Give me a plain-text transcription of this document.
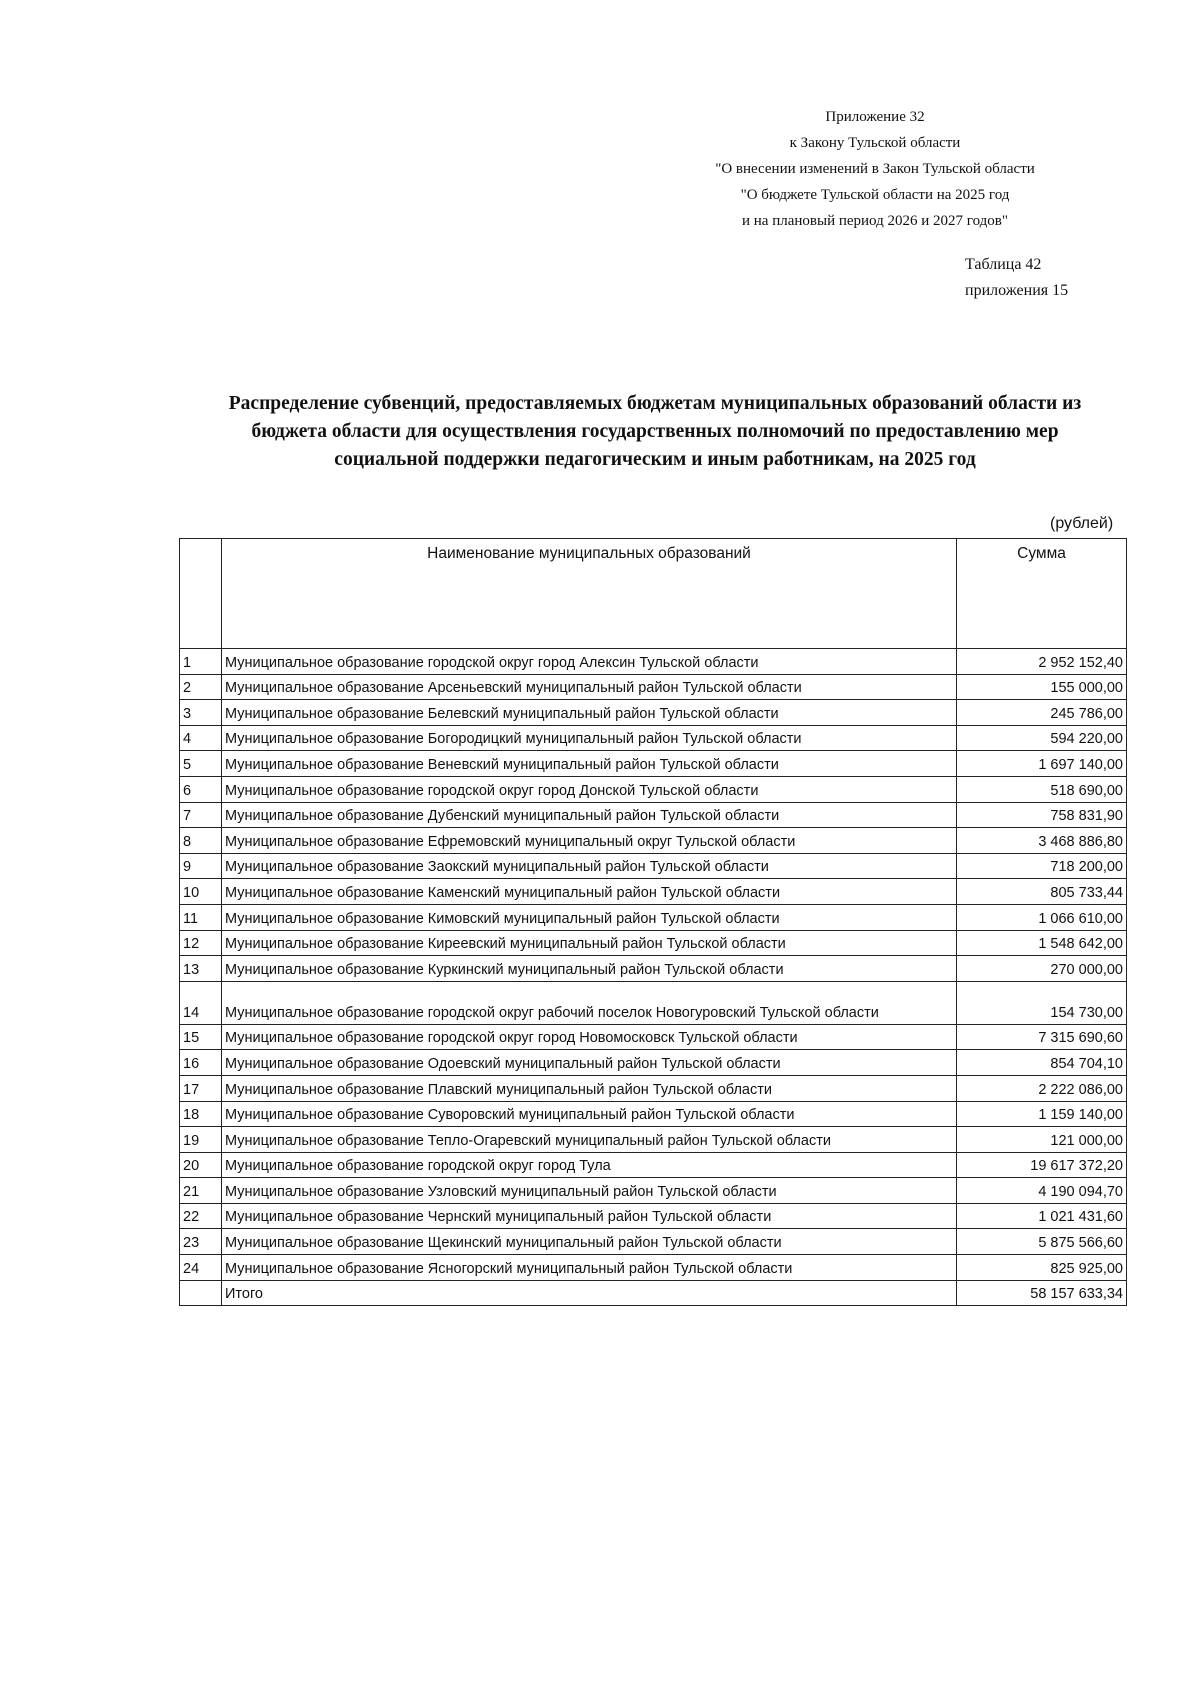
Приложение 32
к Закону Тульской области
"О внесении изменений в Закон Тульской области
"О бюджете Тульской области на 2025 год
и на плановый период 2026 и 2027 годов"
Таблица 42
приложения 15
Распределение субвенций, предоставляемых бюджетам муниципальных образований области из
бюджета области для осуществления государственных полномочий по предоставлению мер
социальной поддержки педагогическим и иным работникам, на 2025 год
(рублей)
	Наименование муниципальных образований	Сумма
1	Муниципальное образование городской округ город Алексин Тульской области	2 952 152,40
2	Муниципальное образование Арсеньевский муниципальный район Тульской области	155 000,00
3	Муниципальное образование Белевский муниципальный район Тульской области	245 786,00
4	Муниципальное образование Богородицкий муниципальный район Тульской области	594 220,00
5	Муниципальное образование Веневский муниципальный район Тульской области	1 697 140,00
6	Муниципальное образование городской округ город Донской Тульской области	518 690,00
7	Муниципальное образование Дубенский муниципальный район Тульской области	758 831,90
8	Муниципальное образование Ефремовский муниципальный округ Тульской области	3 468 886,80
9	Муниципальное образование Заокский муниципальный район Тульской области	718 200,00
10	Муниципальное образование Каменский муниципальный район Тульской области	805 733,44
11	Муниципальное образование Кимовский муниципальный район Тульской области	1 066 610,00
12	Муниципальное образование Киреевский муниципальный район Тульской области	1 548 642,00
13	Муниципальное образование Куркинский муниципальный район Тульской области	270 000,00
14	Муниципальное образование городской округ рабочий поселок Новогуровский Тульской области	154 730,00
15	Муниципальное образование городской округ город Новомосковск Тульской области	7 315 690,60
16	Муниципальное образование Одоевский муниципальный район Тульской области	854 704,10
17	Муниципальное образование Плавский муниципальный район Тульской области	2 222 086,00
18	Муниципальное образование Суворовский муниципальный район Тульской области	1 159 140,00
19	Муниципальное образование Тепло-Огаревский муниципальный район Тульской области	121 000,00
20	Муниципальное образование городской округ город Тула	19 617 372,20
21	Муниципальное образование Узловский муниципальный район Тульской области	4 190 094,70
22	Муниципальное образование Чернский муниципальный район Тульской области	1 021 431,60
23	Муниципальное образование Щекинский муниципальный район Тульской области	5 875 566,60
24	Муниципальное образование Ясногорский муниципальный район Тульской области	825 925,00
	Итого	58 157 633,34
